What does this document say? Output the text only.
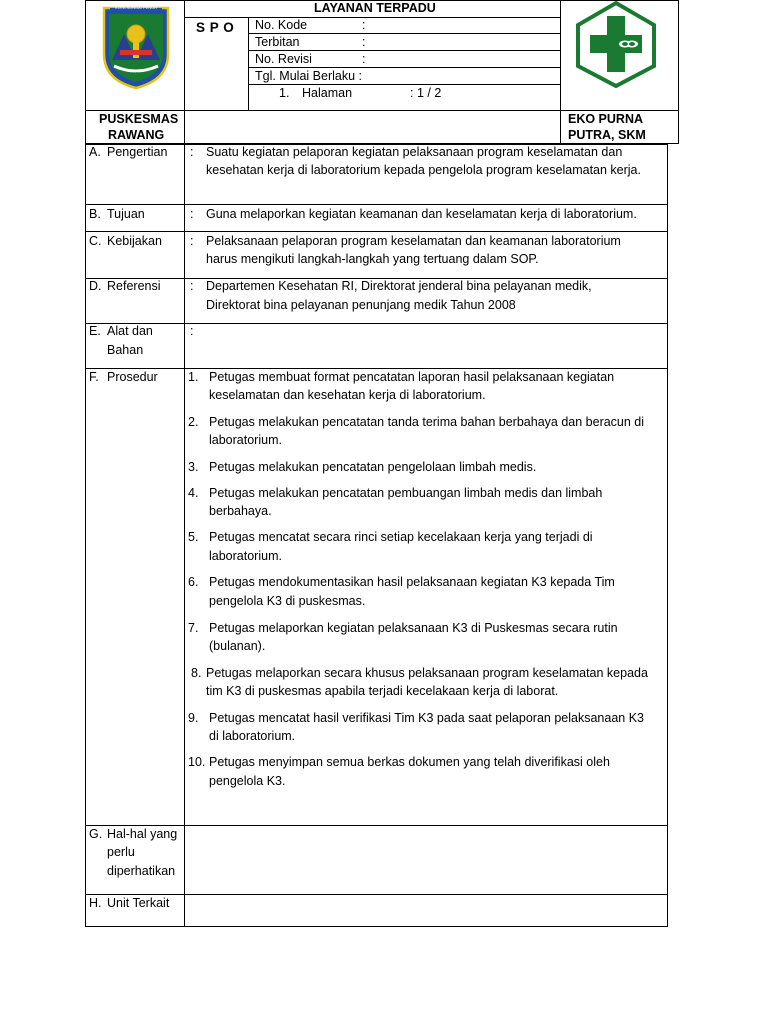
KOTA SUNGAI PENUH
SAKTI ALAM KERINCI
LAYANAN TERPADU
S P O No. Kode	:
Terbitan	:
No. Revisi	:
Tgl. Mulai Berlaku :
1. Halaman	: 1 / 2
PUSKESMAS
RAWANG
EKO PURNA
PUTRA, SKM
A. Pengertian : Suatu kegiatan pelaporan kegiatan pelaksanaan program keselamatan dan kesehatan kerja di laboratorium kepada pengelola program keselamatan kerja.
B. Tujuan	: Guna melaporkan kegiatan keamanan dan keselamatan kerja di laboratorium.
C. Kebijakan : Pelaksanaan pelaporan program keselamatan dan keamanan laboratorium harus mengikuti langkah-langkah yang tertuang dalam SOP.
D. Referensi : Departemen Kesehatan RI, Direktorat jenderal bina pelayanan medik,
Direktorat bina pelayanan penunjang medik Tahun 2008
E. Alat dan
Bahan
:
F. Prosedur 1. Petugas membuat format pencatatan laporan hasil pelaksanaan kegiatan
keselamatan dan kesehatan kerja di laboratorium.
2. Petugas melakukan pencatatan tanda terima bahan berbahaya dan beracun di
laboratorium.
3. Petugas melakukan pencatatan pengelolaan limbah medis.
4. Petugas melakukan pencatatan pembuangan limbah medis dan limbah
berbahaya.
5. Petugas mencatat secara rinci setiap kecelakaan kerja yang terjadi di
laboratorium.
6. Petugas mendokumentasikan hasil pelaksanaan kegiatan K3 kepada Tim
pengelola K3 di puskesmas.
7. Petugas melaporkan kegiatan pelaksanaan K3 di Puskesmas secara rutin
(bulanan).
8. Petugas melaporkan secara khusus pelaksanaan program keselamatan kepada
tim K3 di puskesmas apabila terjadi kecelakaan kerja di laborat.
9. Petugas mencatat hasil verifikasi Tim K3 pada saat pelaporan pelaksanaan K3
di laboratorium.
10. Petugas menyimpan semua berkas dokumen yang telah diverifikasi oleh
pengelola K3.
G. Hal-hal yang
perlu
diperhatikan
H. Unit Terkait
